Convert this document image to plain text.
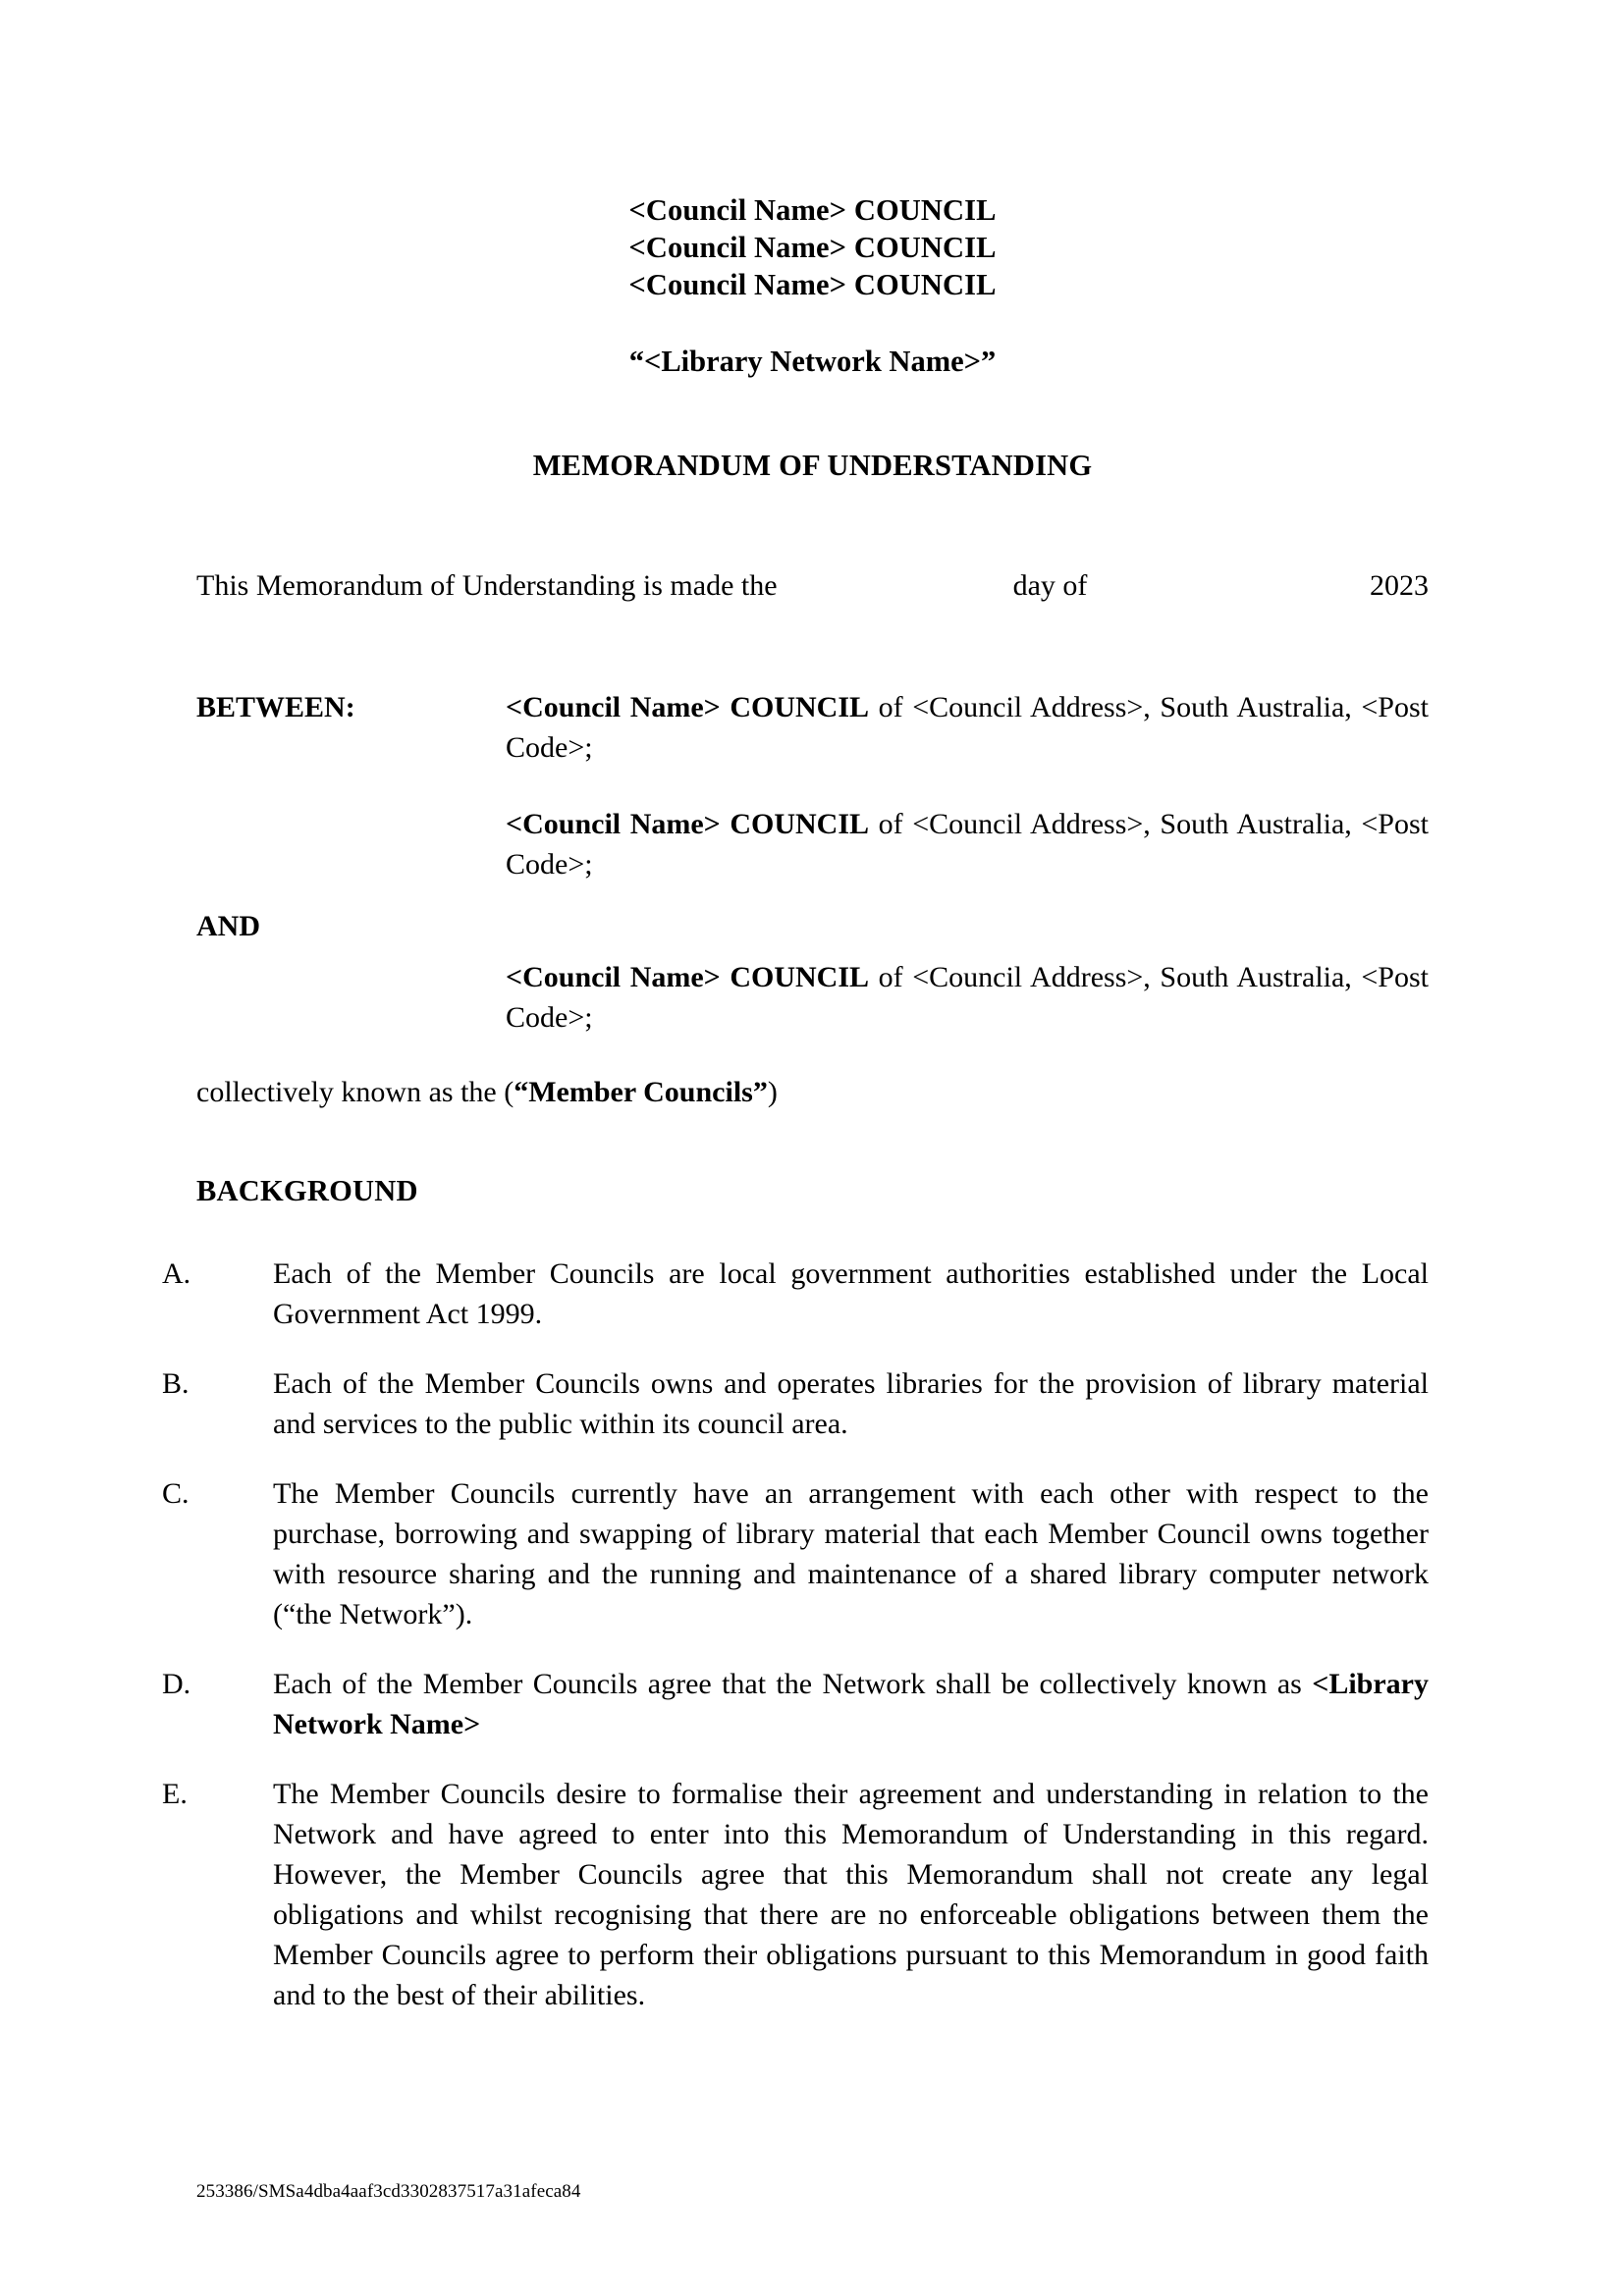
<Council Name> COUNCIL
<Council Name> COUNCIL
<Council Name> COUNCIL
“<Library Network Name>”
MEMORANDUM OF UNDERSTANDING
This Memorandum of Understanding is made the	day of	2023
BETWEEN:	<Council Name> COUNCIL of <Council Address>, South Australia, <Post Code>;
<Council Name> COUNCIL of <Council Address>, South Australia, <Post Code>;
AND
<Council Name> COUNCIL of <Council Address>, South Australia, <Post Code>;
collectively known as the (“Member Councils”)
BACKGROUND
A.	Each of the Member Councils are local government authorities established under the Local Government Act 1999.
B.	Each of the Member Councils owns and operates libraries for the provision of library material and services to the public within its council area.
C.	The Member Councils currently have an arrangement with each other with respect to the purchase, borrowing and swapping of library material that each Member Council owns together with resource sharing and the running and maintenance of a shared library computer network (“the Network”).
D.	Each of the Member Councils agree that the Network shall be collectively known as <Library Network Name>
E.	The Member Councils desire to formalise their agreement and understanding in relation to the Network and have agreed to enter into this Memorandum of Understanding in this regard. However, the Member Councils agree that this Memorandum shall not create any legal obligations and whilst recognising that there are no enforceable obligations between them the Member Councils agree to perform their obligations pursuant to this Memorandum in good faith and to the best of their abilities.
253386/SMSa4dba4aaf3cd3302837517a31afeca84
